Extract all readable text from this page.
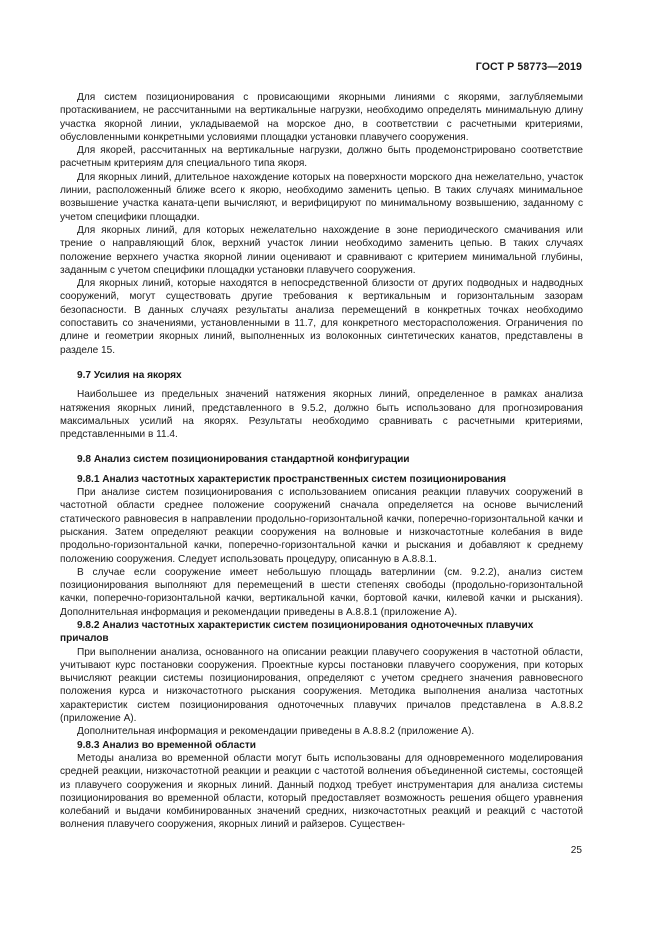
ГОСТ Р 58773—2019

Для систем позиционирования с провисающими якорными линиями с якорями, заглубляемыми протаскиванием, не рассчитанными на вертикальные нагрузки, необходимо определять минимальную длину участка якорной линии, укладываемой на морское дно, в соответствии с расчетными критериями, обусловленными конкретными условиями площадки установки плавучего сооружения.

Для якорей, рассчитанных на вертикальные нагрузки, должно быть продемонстрировано соответствие расчетным критериям для специального типа якоря.

Для якорных линий, длительное нахождение которых на поверхности морского дна нежелательно, участок линии, расположенный ближе всего к якорю, необходимо заменить цепью. В таких случаях минимальное возвышение участка каната-цепи вычисляют, и верифицируют по минимальному возвышению, заданному с учетом специфики площадки.

Для якорных линий, для которых нежелательно нахождение в зоне периодического смачивания или трение о направляющий блок, верхний участок линии необходимо заменить цепью. В таких случаях положение верхнего участка якорной линии оценивают и сравнивают с критерием минимальной глубины, заданным с учетом специфики площадки установки плавучего сооружения.

Для якорных линий, которые находятся в непосредственной близости от других подводных и надводных сооружений, могут существовать другие требования к вертикальным и горизонтальным зазорам безопасности. В данных случаях результаты анализа перемещений в конкретных точках необходимо сопоставить со значениями, установленными в 11.7, для конкретного месторасположения. Ограничения по длине и геометрии якорных линий, выполненных из волоконных синтетических канатов, представлены в разделе 15.

9.7 Усилия на якорях

Наибольшее из предельных значений натяжения якорных линий, определенное в рамках анализа натяжения якорных линий, представленного в 9.5.2, должно быть использовано для прогнозирования максимальных усилий на якорях. Результаты необходимо сравнивать с расчетными критериями, представленными в 11.4.

9.8 Анализ систем позиционирования стандартной конфигурации
9.8.1 Анализ частотных характеристик пространственных систем позиционирования

При анализе систем позиционирования с использованием описания реакции плавучих сооружений в частотной области среднее положение сооружений сначала определяется на основе вычислений статического равновесия в направлении продольно-горизонтальной качки, поперечно-горизонтальной качки и рыскания. Затем определяют реакции сооружения на волновые и низкочастотные колебания в виде продольно-горизонтальной качки, поперечно-горизонтальной качки и рыскания и добавляют к среднему положению сооружения. Следует использовать процедуру, описанную в А.8.8.1.

В случае если сооружение имеет небольшую площадь ватерлинии (см. 9.2.2), анализ систем позиционирования выполняют для перемещений в шести степенях свободы (продольно-горизонтальной качки, поперечно-горизонтальной качки, вертикальной качки, бортовой качки, килевой качки и рыскания). Дополнительная информация и рекомендации приведены в А.8.8.1 (приложение А).

9.8.2 Анализ частотных характеристик систем позиционирования одноточечных плавучих причалов

При выполнении анализа, основанного на описании реакции плавучего сооружения в частотной области, учитывают курс постановки сооружения. Проектные курсы постановки плавучего сооружения, при которых вычисляют реакции системы позиционирования, определяют с учетом среднего значения равновесного положения курса и низкочастотного рыскания сооружения. Методика выполнения анализа частотных характеристик систем позиционирования одноточечных плавучих причалов представлена в А.8.8.2 (приложение А).

Дополнительная информация и рекомендации приведены в А.8.8.2 (приложение А).

9.8.3 Анализ во временной области

Методы анализа во временной области могут быть использованы для одновременного моделирования средней реакции, низкочастотной реакции и реакции с частотой волнения объединенной системы, состоящей из плавучего сооружения и якорных линий. Данный подход требует инструментария для анализа системы позиционирования во временной области, который предоставляет возможность решения общего уравнения колебаний и выдачи комбинированных значений средних, низкочастотных реакций и реакций с частотой волнения плавучего сооружения, якорных линий и райзеров. Существен-

25
